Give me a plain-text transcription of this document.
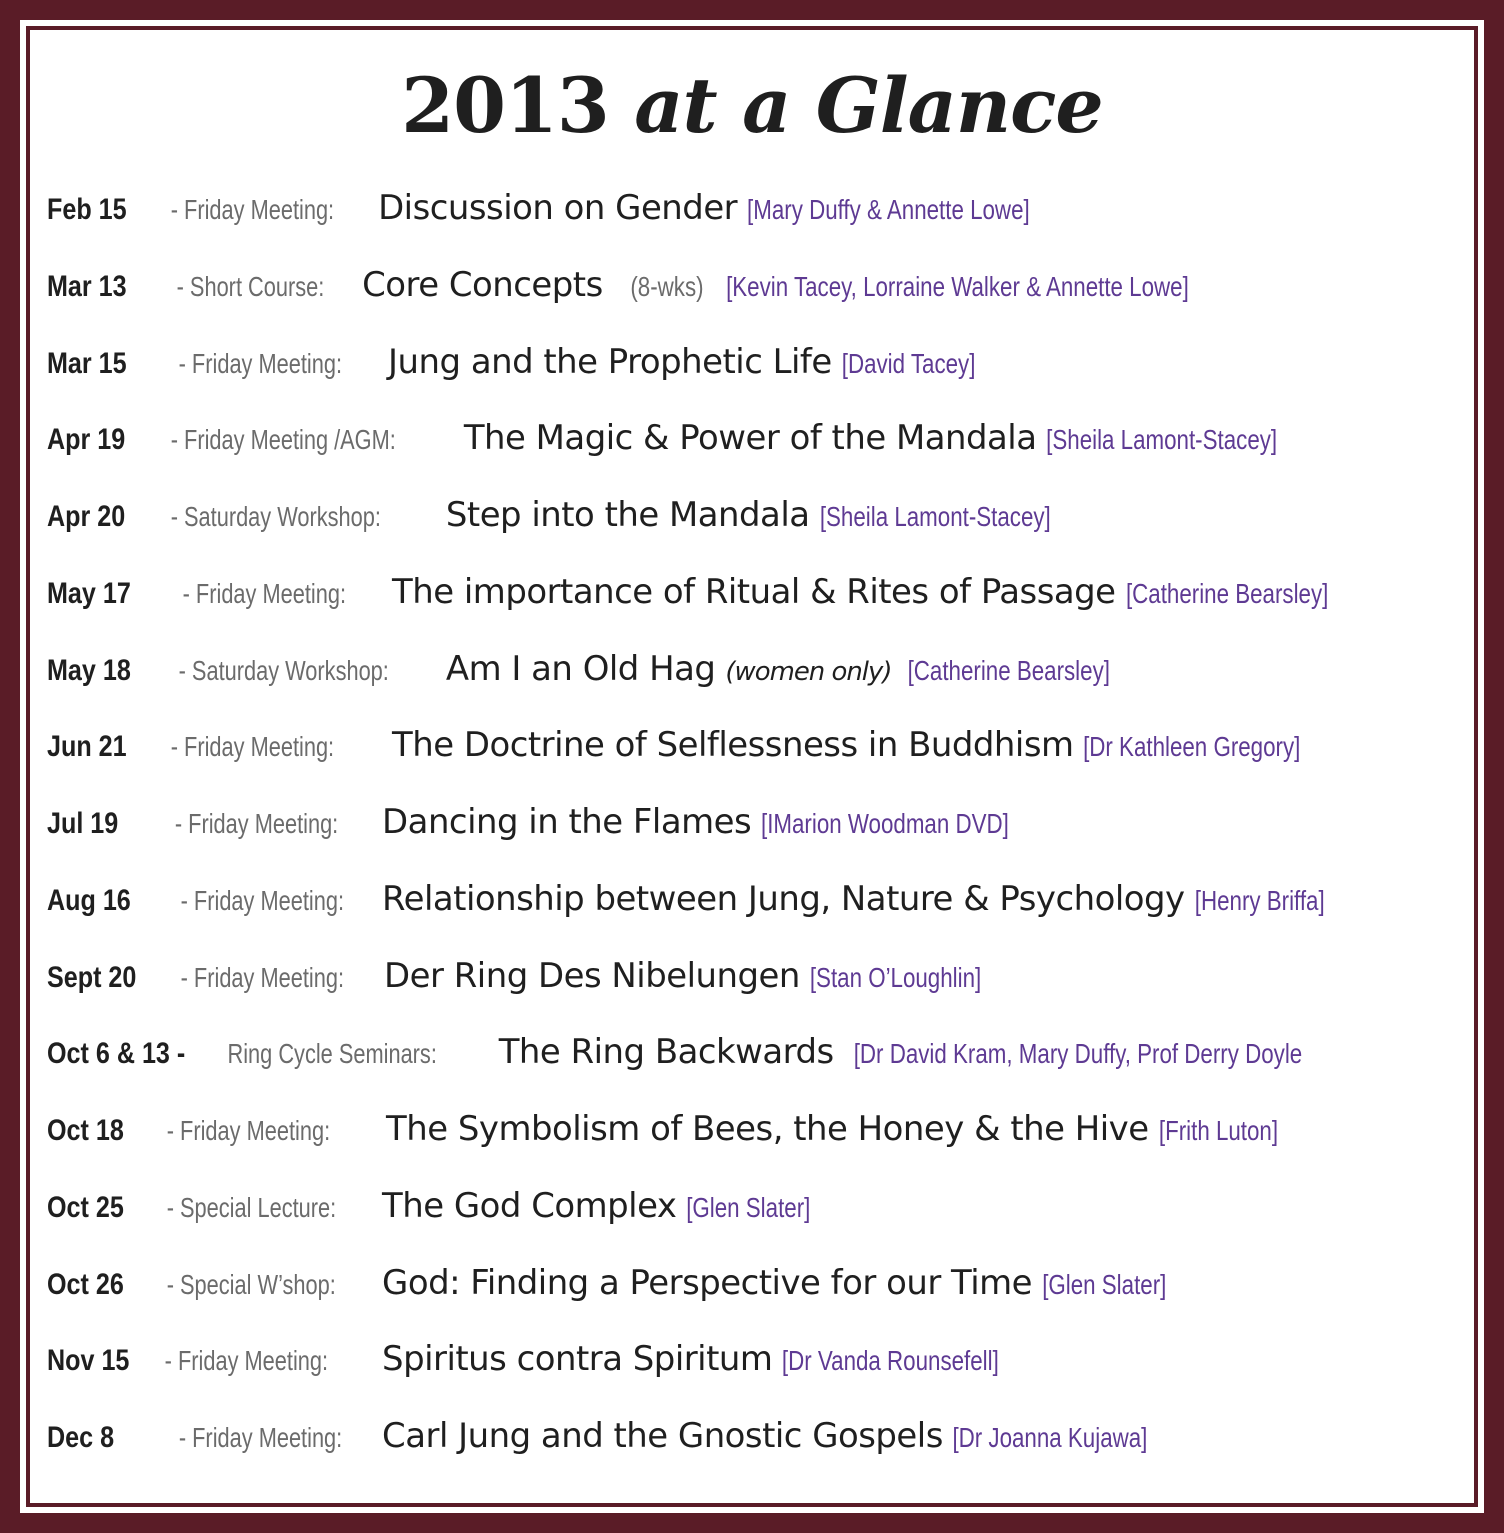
2013 at a Glance
Feb 15	- Friday Meeting: Discussion on Gender [Mary Duffy & Annette Lowe]
Mar 13	- Short Course: Core Concepts (8-wks) [Kevin Tacey, Lorraine Walker & Annette Lowe]
Mar 15	- Friday Meeting: Jung and the Prophetic Life [David Tacey]
Apr 19	- Friday Meeting /AGM: The Magic & Power of the Mandala [Sheila Lamont-Stacey]
Apr 20	- Saturday Workshop: Step into the Mandala [Sheila Lamont-Stacey]
May 17	- Friday Meeting: The importance of Ritual & Rites of Passage [Catherine Bearsley]
May 18	- Saturday Workshop: Am I an Old Hag (women only) [Catherine Bearsley]
Jun 21	- Friday Meeting: The Doctrine of Selflessness in Buddhism [Dr Kathleen Gregory]
Jul 19	- Friday Meeting: Dancing in the Flames [IMarion Woodman DVD]
Aug 16	- Friday Meeting: Relationship between Jung, Nature & Psychology [Henry Briffa]
Sept 20	- Friday Meeting: Der Ring Des Nibelungen [Stan O’Loughlin]
Oct 6 & 13 -	Ring Cycle Seminars: The Ring Backwards [Dr David Kram, Mary Duffy, Prof Derry Doyle
Oct 18	- Friday Meeting: The Symbolism of Bees, the Honey & the Hive [Frith Luton]
Oct 25	- Special Lecture: The God Complex [Glen Slater]
Oct 26	- Special W’shop: God: Finding a Perspective for our Time [Glen Slater]
Nov 15	- Friday Meeting: Spiritus contra Spiritum [Dr Vanda Rounsefell]
Dec 8	- Friday Meeting: Carl Jung and the Gnostic Gospels [Dr Joanna Kujawa]
